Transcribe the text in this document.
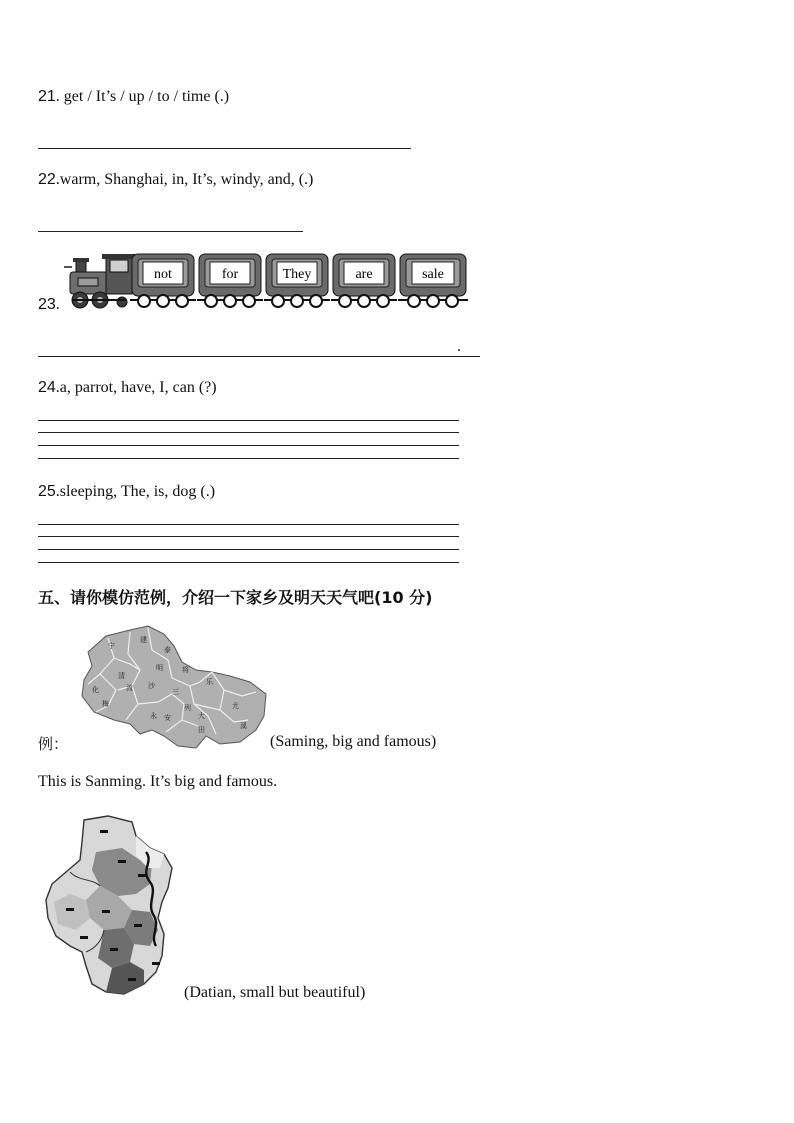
21. get / It’s / up / to / time (.)
22.warm, Shanghai, in, It’s, windy, and, (.)
23.
not	for	They	are	sale
.
24.a, parrot, have, I, can (?)
25.sleeping, The, is, dog (.)
五、请你模仿范例，介绍一下家乡及明天天气吧(10 分)
宁
化
清
流
明
三
沙
永 安	大
田
尤
溪
建
泰
将
乐
梅	列
例：	(Saming, big and famous)
This is Sanming. It’s big and famous.
(Datian, small but beautiful)
